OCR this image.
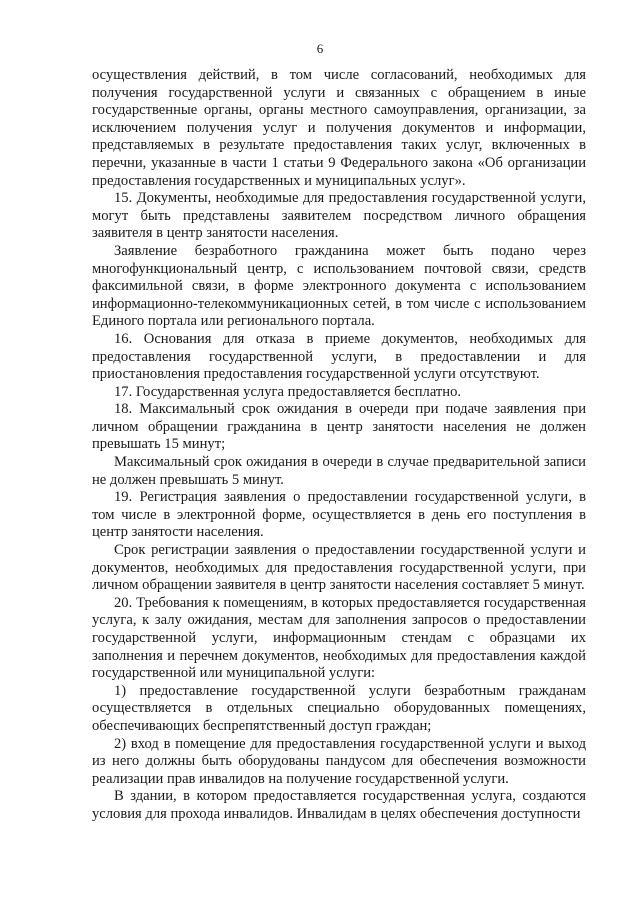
6

осуществления действий, в том числе согласований, необходимых для получения государственной услуги и связанных с обращением в иные государственные органы, органы местного самоуправления, организации, за исключением получения услуг и получения документов и информации, представляемых в результате предоставления таких услуг, включенных в перечни, указанные в части 1 статьи 9 Федерального закона «Об организации предоставления государственных и муниципальных услуг».

15. Документы, необходимые для предоставления государственной услуги, могут быть представлены заявителем посредством личного обращения заявителя в центр занятости населения.

Заявление безработного гражданина может быть подано через многофункциональный центр, с использованием почтовой связи, средств факсимильной связи, в форме электронного документа с использованием информационно-телекоммуникационных сетей, в том числе с использованием Единого портала или регионального портала.

16. Основания для отказа в приеме документов, необходимых для предоставления государственной услуги, в предоставлении и для приостановления предоставления государственной услуги отсутствуют.

17. Государственная услуга предоставляется бесплатно.

18. Максимальный срок ожидания в очереди при подаче заявления при личном обращении гражданина в центр занятости населения не должен превышать 15 минут;

Максимальный срок ожидания в очереди в случае предварительной записи не должен превышать 5 минут.

19. Регистрация заявления о предоставлении государственной услуги, в том числе в электронной форме, осуществляется в день его поступления в центр занятости населения.

Срок регистрации заявления о предоставлении государственной услуги и документов, необходимых для предоставления государственной услуги, при личном обращении заявителя в центр занятости населения составляет 5 минут.

20. Требования к помещениям, в которых предоставляется государственная услуга, к залу ожидания, местам для заполнения запросов о предоставлении государственной услуги, информационным стендам с образцами их заполнения и перечнем документов, необходимых для предоставления каждой государственной или муниципальной услуги:

1) предоставление государственной услуги безработным гражданам осуществляется в отдельных специально оборудованных помещениях, обеспечивающих беспрепятственный доступ граждан;

2) вход в помещение для предоставления государственной услуги и выход из него должны быть оборудованы пандусом для обеспечения возможности реализации прав инвалидов на получение государственной услуги.

В здании, в котором предоставляется государственная услуга, создаются условия для прохода инвалидов. Инвалидам в целях обеспечения доступности
